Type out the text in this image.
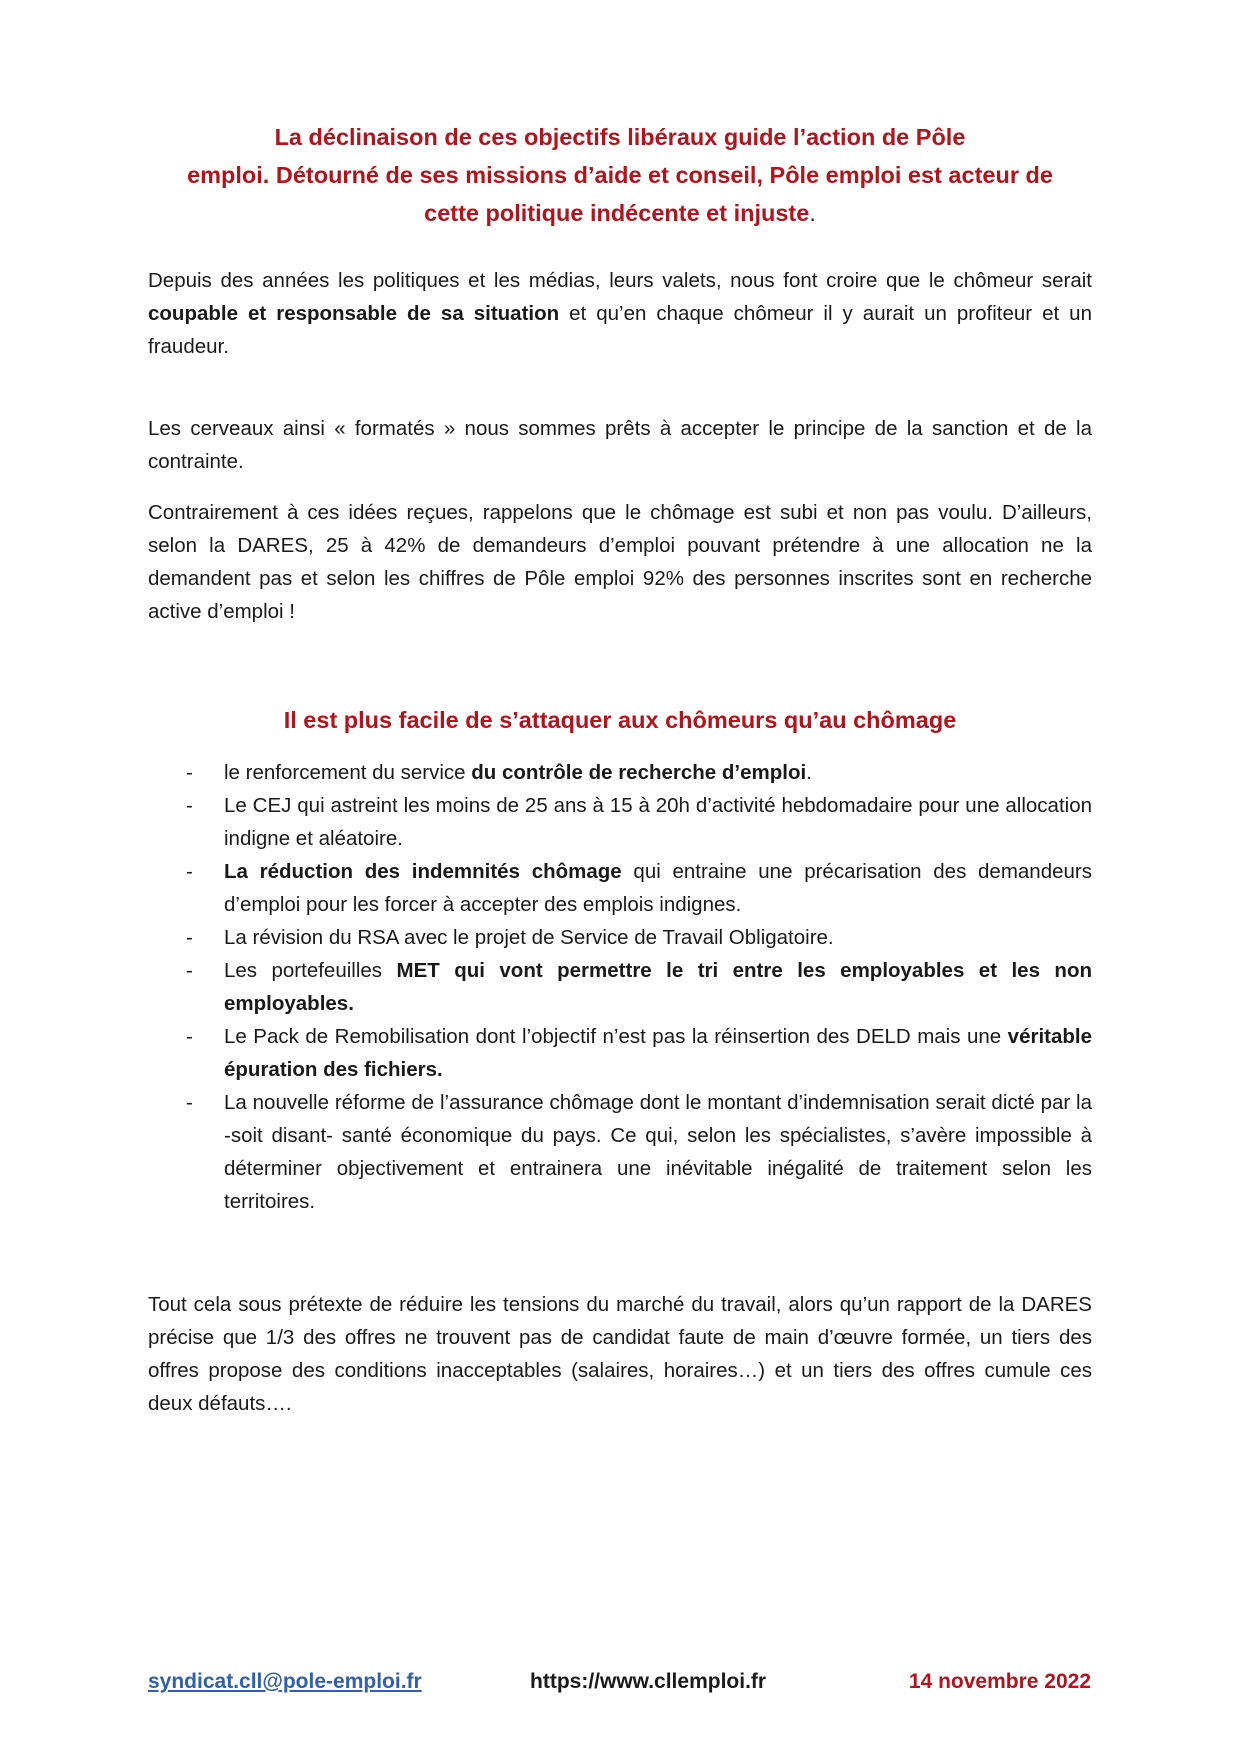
La déclinaison de ces objectifs libéraux guide l’action de Pôle
emploi. Détourné de ses missions d’aide et conseil, Pôle emploi est acteur de
cette politique indécente et injuste.

Depuis des années les politiques et les médias, leurs valets, nous font croire que le chômeur serait coupable et responsable de sa situation et qu’en chaque chômeur il y aurait un profiteur et un fraudeur.

Les cerveaux ainsi « formatés » nous sommes prêts à accepter le principe de la sanction et de la contrainte.

Contrairement à ces idées reçues, rappelons que le chômage est subi et non pas voulu. D’ailleurs, selon la DARES, 25 à 42% de demandeurs d’emploi pouvant prétendre à une allocation ne la demandent pas et selon les chiffres de Pôle emploi 92% des personnes inscrites sont en recherche active d’emploi !

Il est plus facile de s’attaquer aux chômeurs qu’au chômage
- le renforcement du service du contrôle de recherche d’emploi.
- Le CEJ qui astreint les moins de 25 ans à 15 à 20h d’activité hebdomadaire pour une allocation indigne et aléatoire.
- La réduction des indemnités chômage qui entraine une précarisation des demandeurs d’emploi pour les forcer à accepter des emplois indignes.
- La révision du RSA avec le projet de Service de Travail Obligatoire.
- Les portefeuilles MET qui vont permettre le tri entre les employables et les non employables.
- Le Pack de Remobilisation dont l’objectif n’est pas la réinsertion des DELD mais une véritable épuration des fichiers.
- La nouvelle réforme de l’assurance chômage dont le montant d’indemnisation serait dicté par la -soit disant- santé économique du pays. Ce qui, selon les spécialistes, s’avère impossible à déterminer objectivement et entrainera une inévitable inégalité de traitement selon les territoires.

Tout cela sous prétexte de réduire les tensions du marché du travail, alors qu’un rapport de la DARES précise que 1/3 des offres ne trouvent pas de candidat faute de main d’œuvre formée, un tiers des offres propose des conditions inacceptables (salaires, horaires…) et un tiers des offres cumule ces deux défauts….

syndicat.cll@pole-emploi.fr	https://www.cllemploi.fr	14 novembre 2022
